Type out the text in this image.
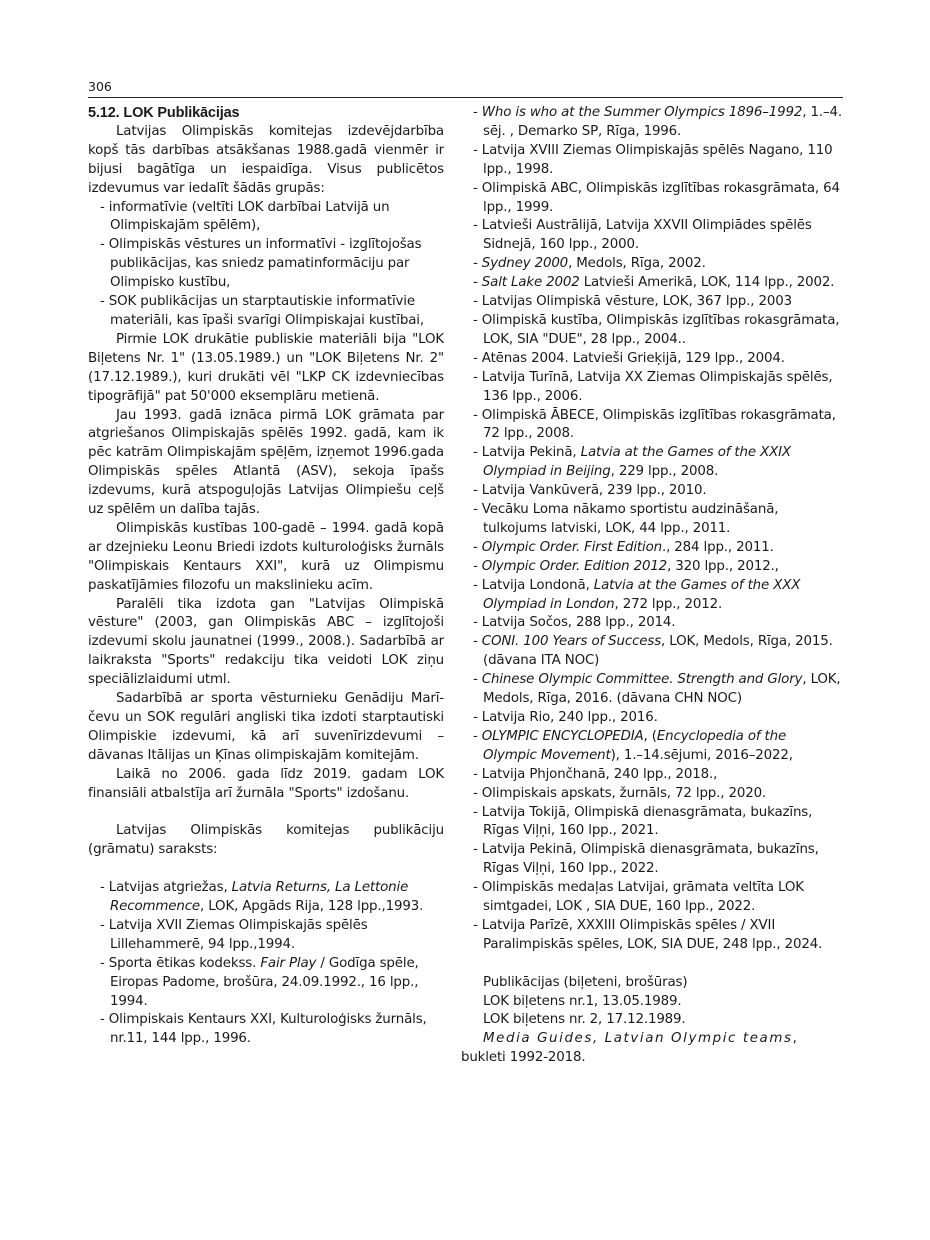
306
5.12. LOK Publikācijas

Latvijas Olimpiskās komitejas izdevējdarbība kopš tās darbības atsākšanas 1988.gadā vienmēr ir bijusi bagātīga un iespaidīga. Visus publicētos izdevumus var iedalīt šādās grupās:

- informatīvie (veltīti LOK darbībai Latvijā un Olimpiskajām spēlēm),
- Olimpiskās vēstures un informatīvi - izglītojošas publikācijas, kas sniedz pamatinformāciju par Olimpisko kustību,
- SOK publikācijas un starptautiskie informatīvie materiāli, kas īpaši svarīgi Olimpiskajai kustībai,

Pirmie LOK drukātie publiskie materiāli bija "LOK Biļetens Nr. 1" (13.05.1989.) un "LOK Biļetens Nr. 2" (17.12.1989.), kuri drukāti vēl "LKP CK izdevniecības tipogrāfijā" pat 50'000 eksemplāru metienā.

Jau 1993. gadā iznāca pirmā LOK grāmata par atgriešanos Olimpiskajās spēlēs 1992. gadā, kam ik pēc katrām Olimpiskajām spēļēm, izņemot 1996.gada Olimpiskās spēles Atlantā (ASV), sekoja īpašs izdevums, kurā atspoguļojās Latvijas Olimpiešu ceļš uz spēlēm un dalība tajās.

Olimpiskās kustības 100-gadē – 1994. gadā kopā ar dzejnieku Leonu Briedi izdots kulturoloģisks žurnāls "Olimpiskais Kentaurs XXI", kurā uz Olimpismu paskatījāmies filozofu un makslinieku acīm.

Paralēli tika izdota gan "Latvijas Olimpiskā vēsture" (2003, gan Olimpiskās ABC – izglītojoši izdevumi skolu jaunatnei (1999., 2008.). Sadarbībā ar laikraksta "Sports" redakciju tika veidoti LOK ziņu speciālizlaidumi utml.

Sadarbībā ar sporta vēsturnieku Genādiju Marī-čevu un SOK regulāri angliski tika izdoti starptautiski Olimpiskie izdevumi, kā arī suvenīrizdevumi – dāvanas Itālijas un Ķīnas olimpiskajām komitejām.

Laikā no 2006. gada līdz 2019. gadam LOK finansiāli atbalstīja arī žurnāla "Sports" izdošanu.

Latvijas Olimpiskās komitejas publikāciju (grāmatu) saraksts:

- Latvijas atgriežas, Latvia Returns, La Lettonie Recommence, LOK, Apgāds Rija, 128 lpp.,1993.
- Latvija XVII Ziemas Olimpiskajās spēlēs Lillehammerē, 94 lpp.,1994.
- Sporta ētikas kodekss. Fair Play / Godīga spēle, Eiropas Padome, brošūra, 24.09.1992., 16 lpp., 1994.
- Olimpiskais Kentaurs XXI, Kulturoloģisks žurnāls, nr.11, 144 lpp., 1996.
- Who is who at the Summer Olympics 1896–1992, 1.–4. sēj. , Demarko SP, Rīga, 1996.
- Latvija XVIII Ziemas Olimpiskajās spēlēs Nagano, 110 lpp., 1998.
- Olimpiskā ABC, Olimpiskās izglītības rokasgrāmata, 64 lpp., 1999.
- Latvieši Austrālijā, Latvija XXVII Olimpiādes spēlēs Sidnejā, 160 lpp., 2000.
- Sydney 2000, Medols, Rīga, 2002.
- Salt Lake 2002 Latvieši Amerikā, LOK, 114 lpp., 2002.
- Latvijas Olimpiskā vēsture, LOK, 367 lpp., 2003
- Olimpiskā kustība, Olimpiskās izglītības rokasgrāmata, LOK, SIA "DUE", 28 lpp., 2004..
- Atēnas 2004. Latvieši Grieķijā, 129 lpp., 2004.
- Latvija Turīnā, Latvija XX Ziemas Olimpiskajās spēlēs, 136 lpp., 2006.
- Olimpiskā ĀBECE, Olimpiskās izglītības rokasgrāmata, 72 lpp., 2008.
- Latvija Pekinā, Latvia at the Games of the XXIX Olympiad in Beijing, 229 lpp., 2008.
- Latvija Vankūverā, 239 lpp., 2010.
- Vecāku Loma nākamo sportistu audzināšanā, tulkojums latviski, LOK, 44 lpp., 2011.
- Olympic Order. First Edition., 284 lpp., 2011.
- Olympic Order. Edition 2012, 320 lpp., 2012.,
- Latvija Londonā, Latvia at the Games of the XXX Olympiad in London, 272 lpp., 2012.
- Latvija Sočos, 288 lpp., 2014.
- CONI. 100 Years of Success, LOK, Medols, Rīga, 2015. (dāvana ITA NOC)
- Chinese Olympic Committee. Strength and Glory, LOK, Medols, Rīga, 2016. (dāvana CHN NOC)
- Latvija Rio, 240 lpp., 2016.
- OLYMPIC ENCYCLOPEDIA, (Encyclopedia of the Olympic Movement), 1.–14.sējumi, 2016–2022,
- Latvija Phjončhanā, 240 lpp., 2018.,
- Olimpiskais apskats, žurnāls, 72 lpp., 2020.
- Latvija Tokijā, Olimpiskā dienasgrāmata, bukazīns, Rīgas Viļņi, 160 lpp., 2021.
- Latvija Pekinā, Olimpiskā dienasgrāmata, bukazīns, Rīgas Viļņi, 160 lpp., 2022.
- Olimpiskās medaļas Latvijai, grāmata veltīta LOK simtgadei, LOK , SIA DUE, 160 lpp., 2022.
- Latvija Parīzē, XXXIII Olimpiskās spēles / XVII Paralimpiskās spēles, LOK, SIA DUE, 248 lpp., 2024.
Publikācijas (biļeteni, brošūras)
LOK biļetens nr.1, 13.05.1989.
LOK biļetens nr. 2, 17.12.1989.
Media Guides, Latvian Olympic teams,
bukleti 1992-2018.
